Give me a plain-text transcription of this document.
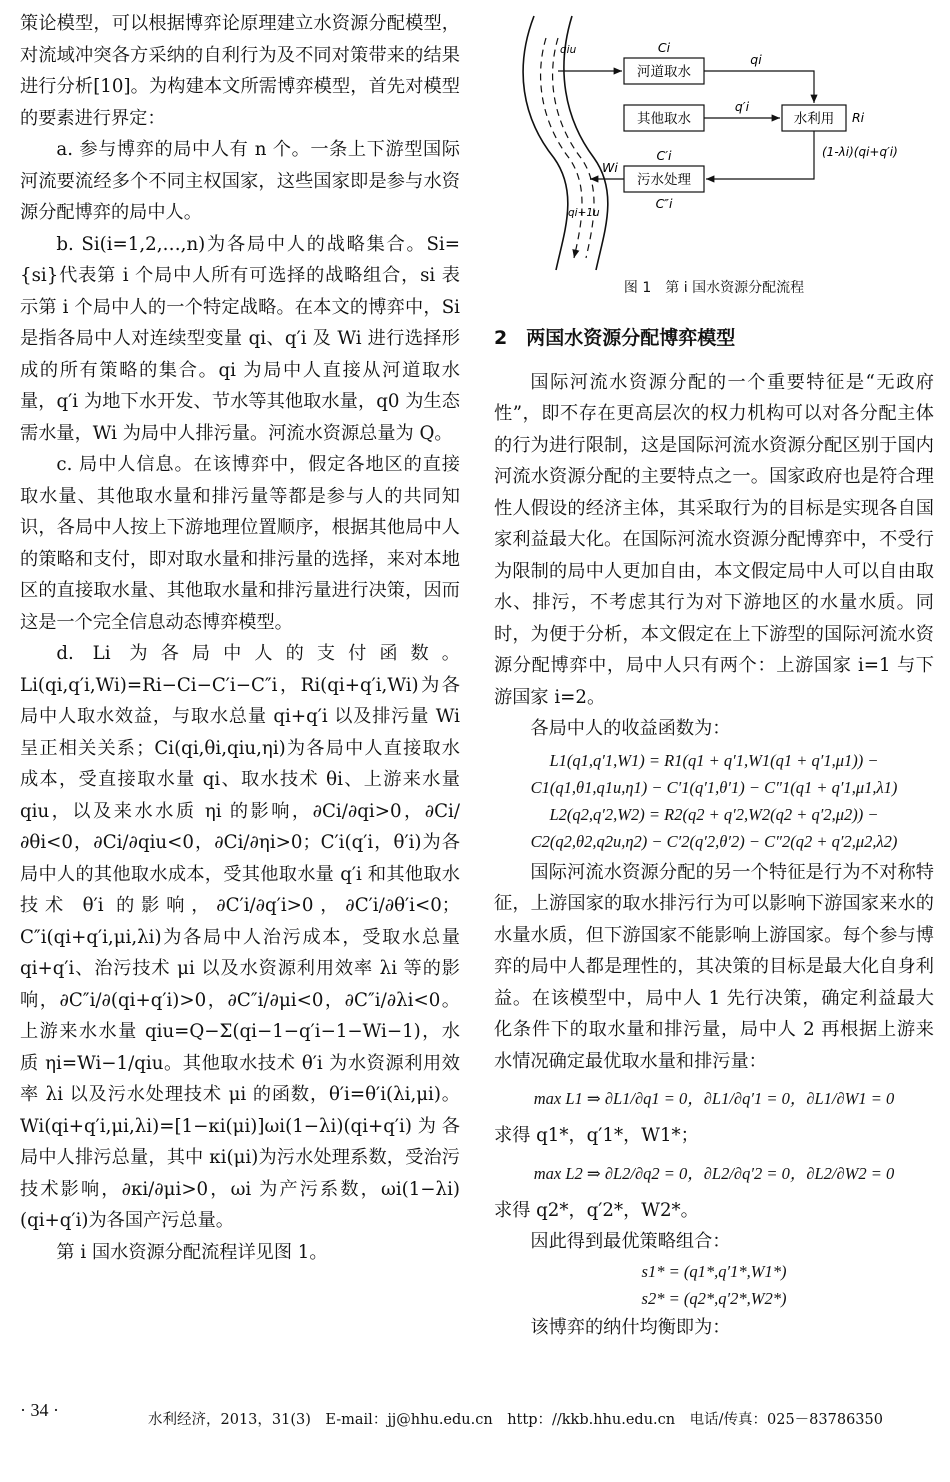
策论模型，可以根据博弈论原理建立水资源分配模型，对流域冲突各方采纳的自利行为及不同对策带来的结果进行分析[10]。为构建本文所需博弈模型，首先对模型的要素进行界定：

a. 参与博弈的局中人有 n 个。一条上下游型国际河流要流经多个不同主权国家，这些国家即是参与水资源分配博弈的局中人。

b. Si(i=1,2,…,n)为各局中人的战略集合。Si={si}代表第 i 个局中人所有可选择的战略组合，si 表示第 i 个局中人的一个特定战略。在本文的博弈中，Si 是指各局中人对连续型变量 qi、q′i 及 Wi 进行选择形成的所有策略的集合。qi 为局中人直接从河道取水量，q′i 为地下水开发、节水等其他取水量，q0 为生态需水量，Wi 为局中人排污量。河流水资源总量为 Q。

c. 局中人信息。在该博弈中，假定各地区的直接取水量、其他取水量和排污量等都是参与人的共同知识，各局中人按上下游地理位置顺序，根据其他局中人的策略和支付，即对取水量和排污量的选择，来对本地区的直接取水量、其他取水量和排污量进行决策，因而这是一个完全信息动态博弈模型。

d. Li 为各局中人的支付函数。Li(qi,q′i,Wi)=Ri−Ci−C′i−C″i，Ri(qi+q′i,Wi)为各局中人取水效益，与取水总量 qi+q′i 以及排污量 Wi 呈正相关关系；Ci(qi,θi,qiu,ηi)为各局中人直接取水成本，受直接取水量 qi、取水技术 θi、上游来水量 qiu，以及来水水质 ηi 的影响，∂Ci/∂qi>0，∂Ci/∂θi<0，∂Ci/∂qiu<0，∂Ci/∂ηi>0；C′i(q′i，θ′i)为各局中人的其他取水成本，受其他取水量 q′i 和其他取水技术 θ′i 的影响，∂C′i/∂q′i>0，∂C′i/∂θ′i<0；C″i(qi+q′i,μi,λi)为各局中人治污成本，受取水总量 qi+q′i、治污技术 μi 以及水资源利用效率 λi 等的影响，∂C″i/∂(qi+q′i)>0，∂C″i/∂μi<0，∂C″i/∂λi<0。上游来水水量 qiu=Q−Σ(qi−1−q′i−1−Wi−1)，水质 ηi=Wi−1/qiu。其他取水技术 θ′i 为水资源利用效率 λi 以及污水处理技术 μi 的函数，θ′i=θ′i(λi,μi)。Wi(qi+q′i,μi,λi)=[1−κi(μi)]ωi(1−λi)(qi+q′i)为各局中人排污总量，其中 κi(μi)为污水处理系数，受治污技术影响，∂κi/∂μi>0，ωi 为产污系数，ωi(1−λi)(qi+q′i)为各国产污总量。

第 i 国水资源分配流程详见图 1。

河道取水
其他取水	水利用
污水处理
Ci
qi
q′i
Ri
C′i
C″i
Wi
(1-λi)(qi+q′i)
qiu
qi+1u
图 1　第 i 国水资源分配流程
2　两国水资源分配博弈模型

国际河流水资源分配的一个重要特征是“无政府性”，即不存在更高层次的权力机构可以对各分配主体的行为进行限制，这是国际河流水资源分配区别于国内河流水资源分配的主要特点之一。国家政府也是符合理性人假设的经济主体，其采取行为的目标是实现各自国家利益最大化。在国际河流水资源分配博弈中，不受行为限制的局中人更加自由，本文假定局中人可以自由取水、排污，不考虑其行为对下游地区的水量水质。同时，为便于分析，本文假定在上下游型的国际河流水资源分配博弈中，局中人只有两个：上游国家 i=1 与下游国家 i=2。

各局中人的收益函数为：

L1(q1,q′1,W1) = R1(q1 + q′1,W1(q1 + q′1,μ1)) −

C1(q1,θ1,q1u,η1) − C′1(q′1,θ′1) − C″1(q1 + q′1,μ1,λ1)

L2(q2,q′2,W2) = R2(q2 + q′2,W2(q2 + q′2,μ2)) −

C2(q2,θ2,q2u,η2) − C′2(q′2,θ′2) − C″2(q2 + q′2,μ2,λ2)

国际河流水资源分配的另一个特征是行为不对称特征，上游国家的取水排污行为可以影响下游国家来水的水量水质，但下游国家不能影响上游国家。每个参与博弈的局中人都是理性的，其决策的目标是最大化自身利益。在该模型中，局中人 1 先行决策，确定利益最大化条件下的取水量和排污量，局中人 2 再根据上游来水情况确定最优取水量和排污量：

max L1 ⇒ ∂L1/∂q1 = 0，∂L1/∂q′1 = 0，∂L1/∂W1 = 0

求得 q1*，q′1*，W1*；

max L2 ⇒ ∂L2/∂q2 = 0，∂L2/∂q′2 = 0，∂L2/∂W2 = 0

求得 q2*，q′2*，W2*。

因此得到最优策略组合：

s1* = (q1*,q′1*,W1*)

s2* = (q2*,q′2*,W2*)

该博弈的纳什均衡即为：

· 34 ·	水利经济，2013，31(3)　E-mail：jj@hhu.edu.cn　http：//kkb.hhu.edu.cn　电话/传真：025－83786350
